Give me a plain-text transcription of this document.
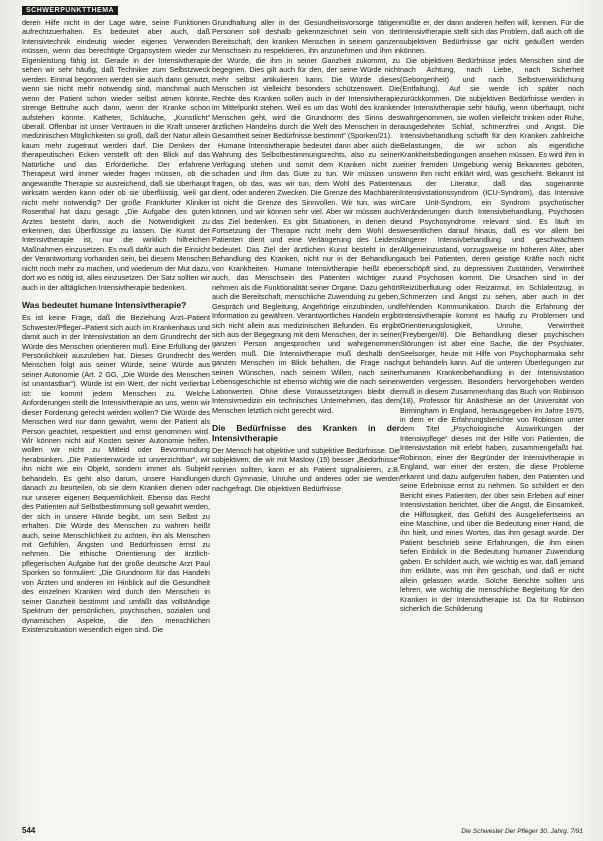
SCHWERPUNKTTHEMA

deren Hilfe nicht in der Lage wäre, seine Funktionen aufrechtzuerhalten. Es bedeutet aber auch, daß Intensivtechnik eindeutig wieder eigenes Verwenden müssen, wenn das berechtigte Organsystem wieder zur Eigenleistung fähig ist. Gerade in der Intensivtherapie sehen wir sehr häufig, daß Techniker zum Selbstzweck werden. Einmal begonnen werden sie auch dann genutzt, wenn sie nicht mehr notwendig sind, manchmal auch wenn der Patient schon wieder selbst atmen könnte, strenge Bettruhe auch dann, wenn der Kranke schon aufstehen könnte. Katheter, Schläuche, „Kunstlicht“ überall. Offenbar ist unser Vertrauen in die Kraft unserer medizinischen Möglichkeiten so groß, daß der Natur allein kaum mehr zugetraut werden darf. Die Denken der therapeutischen Ecken verstellt oft den Blick auf das Natürliche und das Erforderliche. Der erfahrene Therapeut wird immer wieder fragen müssen, ob die angewandte Therapie so ausreichend, daß sie überhaupt wirksam werden kann oder ob sie überflüssig, weil gar nicht mehr notwendig? Der große Frankfurter Kliniker Rosenthal hat dazu gesagt: „Die Aufgabe des guten Arztes besteht darin, auch die Notwendigkeit zu erkennen, das Überflüssige zu lassen. Die Kunst der Intensivtherapie ist, nur die wirklich hilfreichen Maßnahmen einzusetzen. Es muß dafür auch die Einsicht der Verantwortung vorhanden sein, bei diesem Menschen nicht noch mehr zu machen, und wiederum der Mut dazu, dort wo es nötig ist, alles einzusetzen. Der Satz sollten wir auch in der alltäglichen Intensivtherapie bedenken.

Was bedeutet humane Intensivtherapie?

Es ist keine Frage, daß die Beziehung Arzt–Patient Schwester/Pfleger–Patient sich auch im Krankenhaus und damit auch in der Intensivstation an dem Grundrecht der Würde des Menschen orientieren muß. Eine Erfüllung der Persönlichkeit auszuleben hat. Dieses Grundrecht des Menschen folgt aus seiner Würde, seine Würde aus seiner Autonomie (Art. 2 GG, „Die Würde des Menschen ist unantastbar“). Würde ist ein Wert, der nicht verlierbar ist: sie kommt jedem Menschen zu. Welche Anforderungen stellt die Intensivtherapie an uns, wenn wir dieser Forderung gerecht werden wollen? Die Würde des Menschen wird nur dann gewahrt, wenn der Patient als Person geachtet, respektiert und ernst genommen wird. Wir können nicht auf Kosten seiner Autonomie helfen, wollen wir nicht zu Mitleid oder Bevormundung herabsinken. „Die Patientenwürde ist unverzichtbar“, wir ihn nicht wie ein Objekt, sondern immer als Subjekt behandeln. Es geht also darum, unsere Handlungen danach zu beurteilen, ob sie dem Kranken dienen oder nur unserer eigenen Bequemlichkeit. Ebenso das Recht des Patienten auf Selbstbestimmung soll gewahrt werden, der sich in unsere Hände begibt, um sein Selbst zu erhalten. Die Würde des Menschen zu wahren heißt auch, seine Menschlichkeit zu achten, ihn als Menschen mit Gefühlen, Ängsten und Bedürfnissen ernst zu nehmen. Die ethische Orientierung der ärztlich-pflegerischen Aufgabe hat der große deutsche Arzt Paul Sporken so formuliert: „Die Grundnorm für das Handeln von Ärzten und anderen im Hinblick auf die Gesundheit des einzelnen Kranken wird durch den Menschen in seiner Ganzheit bestimmt und umfaßt das vollständige Spektrum der persönlichen, psychischen, sozialen und dynamischen Aspekte, die den menschlichen Existenzsituation wesentlich eigen sind. Die

Grundhaltung aller in der Gesundheitsvorsorge tätigen Personen soll deshalb gekennzeichnet sein von der Bereitschaft, den kranken Menschen in seinem ganzen Menschsein zu respektieren, ihn anzunehmen und ihm in der Würde, die ihm in seiner Ganzheit zukommt, zu begegnen. Dies gilt auch für den, der seine Würde nicht mehr selbst artikulieren kann. Die Würde dieses Menschen ist vielleicht besonders schützenswert. Die Rechte des Kranken sollen auch in der Intensivtherapie im Mittelpunkt stehen. Weil es um das Wohl des kranken Menschen geht, wird die Grundnorm des Sinns des ärztlichen Handelns durch die Welt des Menschen in der Gesamtheit seiner Bedürfnisse bestimmt“ (Sporken/21).

Humane Intensivtherapie bedeutet dann aber auch die Wahrung des Selbstbestimmungsrechts, also zu seiner Verfügung stehen und somit dem Kranken nicht zu schaden und ihm das Gute zu tun. Wir müssen uns fragen, ob das, was wir tun, dem Wohl des Patienten dient, oder anderen Zwecken. Die Grenze des Machbaren ist nicht die Grenze des Sinnvollen. Wir tun, was wir können, und wir können sehr viel. Aber wir müssen auch das Ziel bedenken. Es gibt Situationen, in denen die Fortsetzung der Therapie nicht mehr dem Wohl des Patienten dient und eine Verlängerung des Leidens bedeutet. Das Ziel der ärztlichen Kunst besteht in der Behandlung des Kranken, nicht nur in der Behandlung von Krankheiten. Humane Intensivtherapie heißt eben auch, das Menschsein des Patienten wichtiger zu nehmen als die Funktionalität seiner Organe. Dazu gehört auch die Bereitschaft, menschliche Zuwendung zu geben, Gespräch und Begleitung, Angehörige einzubinden, und Information zu gewähren. Verantwortliches Handeln ergibt sich nicht allein aus medizinischen Befunden. Es ergibt sich aus der Begegnung mit dem Menschen, der in seiner ganzen Person angesprochen und wahrgenommen werden muß. Die Intensivtherapie muß deshalb den ganzen Menschen im Blick behalten, die Frage nach seinen Wünschen, nach seinem Willen, nach seiner Lebensgeschichte ist ebenso wichtig wie die nach seinen Laborwerten. Ohne diese Voraussetzungen bleibt die Intensivmedizin ein technisches Unternehmen, das dem Menschen letztlich nicht gerecht wird.

Die Bedürfnisse des Kranken in der Intensivtherapie

Der Mensch hat objektive und subjektive Bedürfnisse. Die subjektiven, die wir mit Maslow (15) besser „Bedürfnisse“ nennen sollten, kann er als Patient signalisieren, z.B. durch Gymnasie, Unruhe und anderes oder sie werden nachgefragt. Die objektiven Bedürfnisse

müßte er, der dann anderen helfen will, kennen. Für die Intensivtherapie stellt sich das Problem, daß auch oft die subjektiven Bedürfnisse gar nicht geäußert werden können.

Die objektiven Bedürfnisse jedes Menschen sind die nach Achtung, nach Liebe, nach Sicherheit (Geborgenheit) und nach Selbstverwirklichung (Entfaltung). Auf sie werde ich später noch zurückkommen. Die subjektiven Bedürfnisse werden in der Intensivtherapie sehr häufig, wenn überhaupt, nicht wahrgenommen, sie wollen vielleicht trinken oder Ruhe, ausgedehnter Schlaf, schmerzfrei und Angst. Die Intensivbehandlung schafft für den Kranken zahlreiche Belastungen, die wir schon als eigentliche Krankheitsbedingungen ansehen müssen. Es wird ihm in einer fremden Umgebung wenig Bekanntes geboten, wenn ihm nicht erklärt wird, was geschieht. Bekannt ist aus der Literatur, daß das sogenannte Intensivstationssyndrom (ICU-Syndrom), das Intensive Care Unit-Syndrom, ein Syndrom psychotischer Veränderungen durch Intensivbehandlung, Psychosen und Psychosyndrome relevant sind. Es läuft im wesentlichen darauf hinaus, daß es vor allem bei längerer Intensivbehandlung und geschwächtem Allgemeinzustand, vorzugsweise im höheren Alter, aber auch bei Patienten, deren geistige Kräfte noch nicht erschöpft sind, zu depressiven Zuständen, Verwirrtheit und Psychosen kommt. Die Ursachen sind in der Reizüberflutung oder Reizarmut, im Schlafentzug, in Schmerzen und Angst zu sehen, aber auch in der fehlenden Kommunikation. Durch die Erfahrung der Intensivtherapie kommt es häufig zu Problemen und Orientierungslosigkeit, Unruhe, Verwirrtheit (Freyberger/8). Die Behandlung dieser psychischen Störungen ist aber eine Sache, die der Psychiater, Seelsorger, heute mit Hilfe von Psychopharmaka sehr gut behandeln kann. Auf die unteren Überlegungen zur humanen Krankenbehandlung in der Intensivstation werden vergessen. Besonders hervorgehoben werden muß in diesem Zusammenhang das Buch von Robinson (18), Professor für Anästhesie an der Universität von Birmingham in England, herausgegeben im Jahre 1975, in dem er die Erfahrungsberichte von Robinson unter dem Titel „Psychologische Auswirkungen der Intensivpflege“ dieses mit der Hilfe von Patienten, die Intensivstation mit erlebt haben, zusammengefaßt hat. Robinson, einer der Begründer der Intensivtherapie in England, war einer der ersten, die diese Probleme erkannt und dazu aufgerufen haben, den Patienten und seine Erlebnisse ernst zu nehmen. So schildert er den Bericht eines Patienten, der über sein Erleben auf einer Intensivstation berichtet, über die Angst, die Einsamkeit, die Hilflosigkeit, das Gefühl des Ausgeliefertseins an eine Maschine, und über die Bedeutung einer Hand, die ihn hielt, und eines Wortes, das ihm gesagt wurde. Der Patient beschrieb seine Erfahrungen, die ihm einen tiefen Einblick in die Bedeutung humaner Zuwendung gaben. Er schildert auch, wie wichtig es war, daß jemand ihm erklärte, was mit ihm geschah, und daß er nicht allein gelassen wurde. Solche Berichte sollten uns lehren, wie wichtig die menschliche Begleitung für den Kranken in der Intensivtherapie ist. Da für Robinson sicherlich die Schilderung

544	Die Schwester Der Pfleger 30. Jahrg. 7/91
